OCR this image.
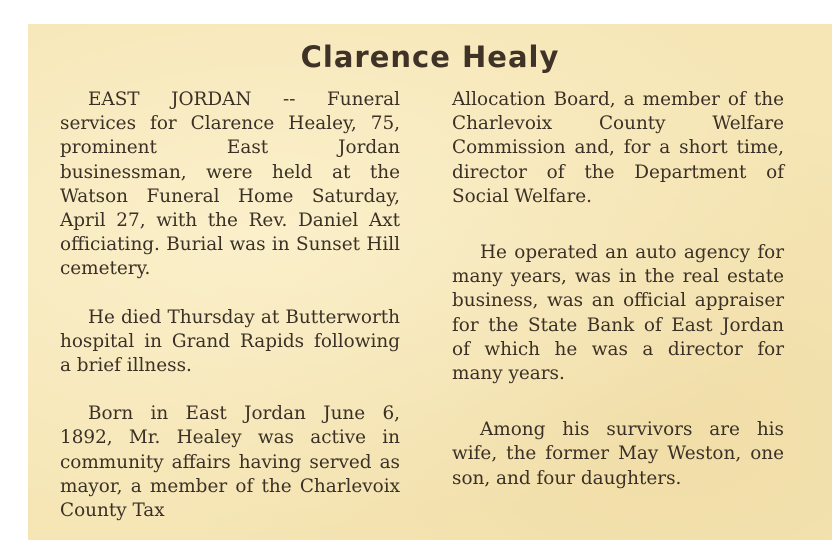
Clarence Healy

EAST JORDAN -- Funeral services for Clarence Healey, 75, prominent East Jordan businessman, were held at the Watson Funeral Home Saturday, April 27, with the Rev. Daniel Axt officiating. Burial was in Sunset Hill cemetery.

He died Thursday at Butterworth hospital in Grand Rapids following a brief illness.

Born in East Jordan June 6, 1892, Mr. Healey was active in community affairs having served as mayor, a member of the Charlevoix County Tax

Allocation Board, a member of the Charlevoix County Welfare Commission and, for a short time, director of the Department of Social Welfare.

He operated an auto agency for many years, was in the real estate business, was an official appraiser for the State Bank of East Jordan of which he was a director for many years.

Among his survivors are his wife, the former May Weston, one son, and four daughters.
